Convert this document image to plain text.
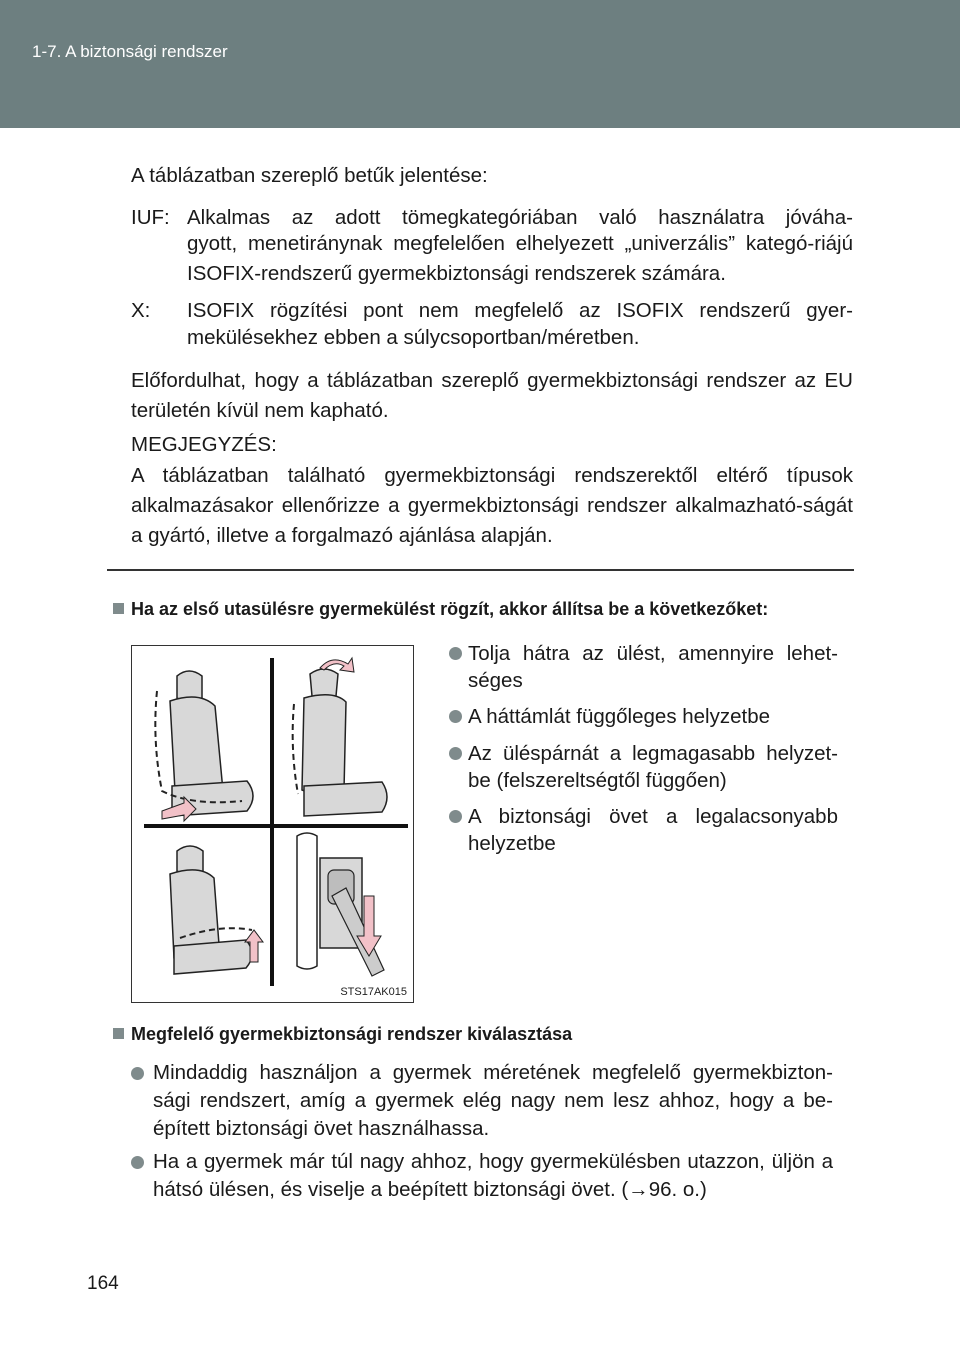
1-7. A biztonsági rendszer
A táblázatban szereplő betűk jelentése:
IUF: Alkalmas az adott tömegkategóriában való használatra jóváha-
gyott, menetiránynak megfelelően elhelyezett „univerzális” kategó-riájú ISOFIX-rendszerű gyermekbiztonsági rendszerek számára.
X: ISOFIX rögzítési pont nem megfelelő az ISOFIX rendszerű gyer-
mekülésekhez ebben a súlycsoportban/méretben.
Előfordulhat, hogy a táblázatban szereplő gyermekbiztonsági rendszer az EU területén kívül nem kapható.
MEGJEGYZÉS:
A táblázatban található gyermekbiztonsági rendszerektől eltérő típusok alkalmazásakor ellenőrizze a gyermekbiztonsági rendszer alkalmazható-ságát a gyártó, illetve a forgalmazó ajánlása alapján.
Ha az első utasülésre gyermekülést rögzít, akkor állítsa be a következőket:
STS17AK015
Tolja hátra az ülést, amennyire lehet-séges
A háttámlát függőleges helyzetbe
Az üléspárnát a legmagasabb helyzet-be (felszereltségtől függően)
A biztonsági övet a legalacsonyabb helyzetbe
Megfelelő gyermekbiztonsági rendszer kiválasztása
Mindaddig használjon a gyermek méretének megfelelő gyermekbizton-sági rendszert, amíg a gyermek elég nagy nem lesz ahhoz, hogy a be-épített biztonsági övet használhassa.
Ha a gyermek már túl nagy ahhoz, hogy gyermekülésben utazzon, üljön a hátsó ülésen, és viselje a beépített biztonsági övet. (→96. o.)
164
